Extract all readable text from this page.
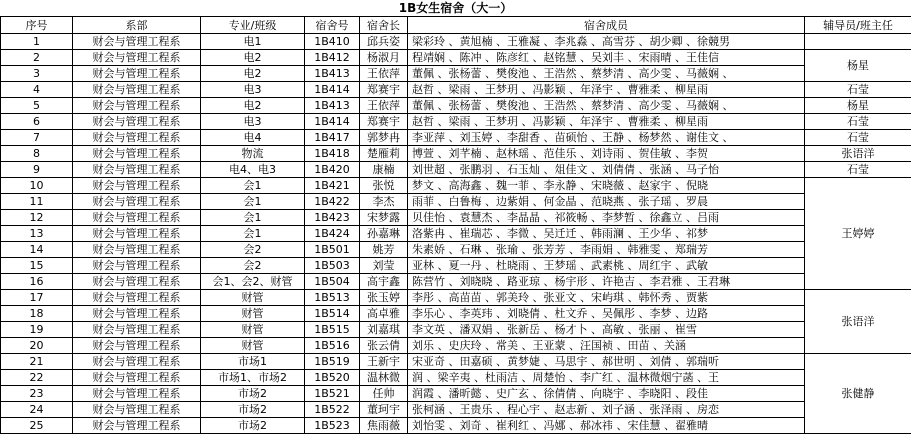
1B女生宿舍（大一）
序号	系部	专业/班级	宿舍号	宿舍长	宿舍成员	辅导员/班主任
1	财会与管理工程系	电1	1B410	邱兵姿	梁彩玲 、黄旭楠 、王雅凝 、李兆淼 、高雪芬 、胡少卿 、徐競男	
2	财会与管理工程系	电2	1B412	杨淑月	程靖娴 、陈冲 、陈彦红 、赵铭慧 、吴刘丰 、宋雨晴 、王佳信	杨星
3	财会与管理工程系	电2	1B413	王依萍	董佩 、张杨蕾 、樊俊池 、王浩然 、蔡梦清 、高少雯 、马薇娴 、	
4	财会与管理工程系	电3	1B414	郑赛宇	赵哲 、梁雨 、王梦玥 、冯影颖 、年泽宇 、曹雅柔 、柳星雨	石莹
5	财会与管理工程系	电2	1B413	王依萍	董佩 、张杨蕾 、樊俊池 、王浩然 、蔡梦清 、高少雯 、马薇娴 、	杨星
6	财会与管理工程系	电3	1B414	郑赛宇	赵哲 、梁雨 、王梦玥 、冯影颖 、年泽宇 、曹雅柔 、柳星雨	石莹
7	财会与管理工程系	电4	1B417	郭梦冉	李亚萍 、刘玉婷 、李甜香 、苗硕怡 、王静 、杨梦然 、谢佳文 、	石莹
8	财会与管理工程系	物流	1B418	楚雁莉	博萱 、刘芊楠 、赵林瑶 、范佳乐 、刘诗雨 、贺佳敏 、李贺	张语洋
9	财会与管理工程系	电4、电3	1B420	康楠	刘世超 、张鹏羽 、石玉灿 、俎佳文 、刘倩倩 、张涵 、马子怡	石莹
10	财会与管理工程系	会1	1B421	张悦	梦文 、高海鑫 、魏一菲 、李永静 、宋晓薇 、赵家宇 、倪晓	王婷婷
11	财会与管理工程系	会1	1B422	李杰	雨菲 、白鲁梅 、边紫娟 、何金晶 、范晓燕 、张子瑶 、罗晨	
12	财会与管理工程系	会1	1B423	宋梦露	贝佳怡 、袁慧杰 、李晶晶 、祁筱畅 、李梦暂 、徐鑫立 、吕雨	
13	财会与管理工程系	会1	1B424	孙嘉琳	洛紫冉 、崔瑞芯 、李微 、吴迁迁 、韩雨澜 、王少华 、祁梦	
14	财会与管理工程系	会2	1B501	姚芳	朱素娇 、石琳 、张瑜 、张芳芳 、李雨娟 、韩雅雯 、郑瑞芳	
15	财会与管理工程系	会2	1B503	刘莹	亚林 、夏一丹 、杜晓雨 、王梦瑶 、武素桃 、周红宇 、武敏	
16	财会与管理工程系	会1、会2、财管	1B504	高宇鑫	陈营竹 、刘晓晓 、路亚琼 、杨宇形 、许艳吉 、李君雅 、王君琳	
17	财会与管理工程系	财管	1B513	张玉婷	李彤 、高苗苗 、郭美玲 、张亚文 、宋屿琪 、韩怀秀 、贾紫	张语洋
18	财会与管理工程系	财管	1B514	高卓雅	李乐心 、李英玮 、刘晓倩 、杜文乔 、吴佩彤 、李梦 、边路	
19	财会与管理工程系	财管	1B515	刘嘉琪	李文英 、潘双娟 、张新岳 、杨才卜 、高敏 、张丽 、崔雪	
20	财会与管理工程系	财管	1B516	张云倩	刘乐 、史庆玲 、常美 、王亚蒙 、汪国祯 、田苗 、关涵	
21	财会与管理工程系	市场1	1B519	王新宇	宋亚奇 、田嘉硕 、黄梦婕 、马思宇 、郝世明 、刘倩 、郭瑞听	张健静
22	财会与管理工程系	市场1、市场2	1B520	温林微	润 、梁辛夷 、杜雨洁 、周楚怡 、李广红 、温林微烟宁菡 、王	
23	财会与管理工程系	市场2	1B521	任帅	润霞 、潘昕懿 、史广玄 、徐倩倩 、向晓宇 、李晓阳 、段佳	
24	财会与管理工程系	市场2	1B522	董珂宇	张柯涵 、王贵乐 、程心宇 、赵志新 、刘子涵 、张泽雨 、房恋	
25	财会与管理工程系	市场2	1B523	焦雨薇	刘怡雯 、刘奇 、崔利红 、冯娜 、郝冰祎 、宋佳慧 、翟雅晴	
